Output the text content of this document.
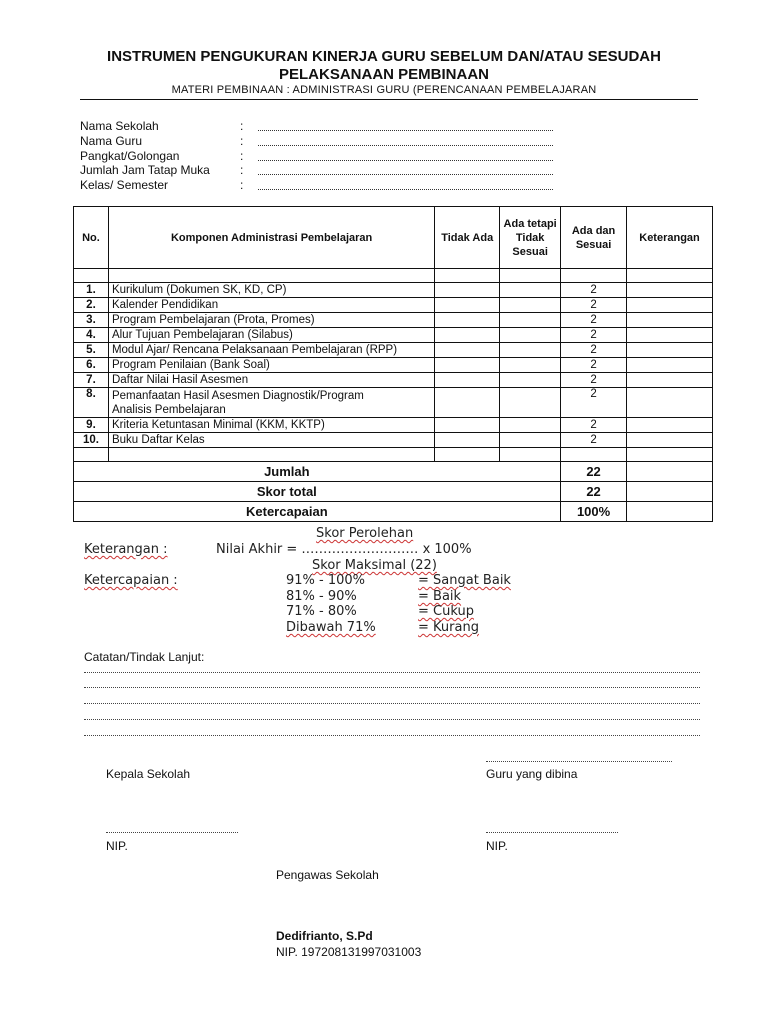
INSTRUMEN PENGUKURAN KINERJA GURU SEBELUM DAN/ATAU SESUDAH
PELAKSANAAN PEMBINAAN
MATERI PEMBINAAN : ADMINISTRASI GURU (PERENCANAAN PEMBELAJARAN
Nama Sekolah	:
Nama Guru	:
Pangkat/Golongan	:
Jumlah Jam Tatap Muka	:
Kelas/ Semester	:
No.	Komponen Administrasi Pembelajaran	Tidak Ada	Ada tetapi Tidak Sesuai	Ada dan Sesuai	Keterangan

1.	Kurikulum (Dokumen SK, KD, CP)			2	
2.	Kalender Pendidikan			2	
3.	Program Pembelajaran (Prota, Promes)			2	
4.	Alur Tujuan Pembelajaran (Silabus)			2	
5.	Modul Ajar/ Rencana Pelaksanaan Pembelajaran (RPP)			2	
6.	Program Penilaian (Bank Soal)			2	
7.	Daftar Nilai Hasil Asesmen			2	
8.	Pemanfaatan Hasil Asesmen Diagnostik/Program
Analisis Pembelajaran			2	
9.	Kriteria Ketuntasan Minimal (KKM, KKTP)			2	
10.	Buku Daftar Kelas			2	

Jumlah				22	
Skor total				22	
Ketercapaian				100%	
Skor Perolehan
Keterangan :	Nilai Akhir = ……………………… x 100%
Skor Maksimal (22)
Ketercapaian :	91% - 100%	= Sangat Baik
81% - 90%	= Baik
71% - 80%	= Cukup
Dibawah 71%	= Kurang
Catatan/Tindak Lanjut:
Kepala Sekolah	Guru yang dibina
NIP.	NIP.
Pengawas Sekolah
Dedifrianto, S.Pd
NIP. 197208131997031003
